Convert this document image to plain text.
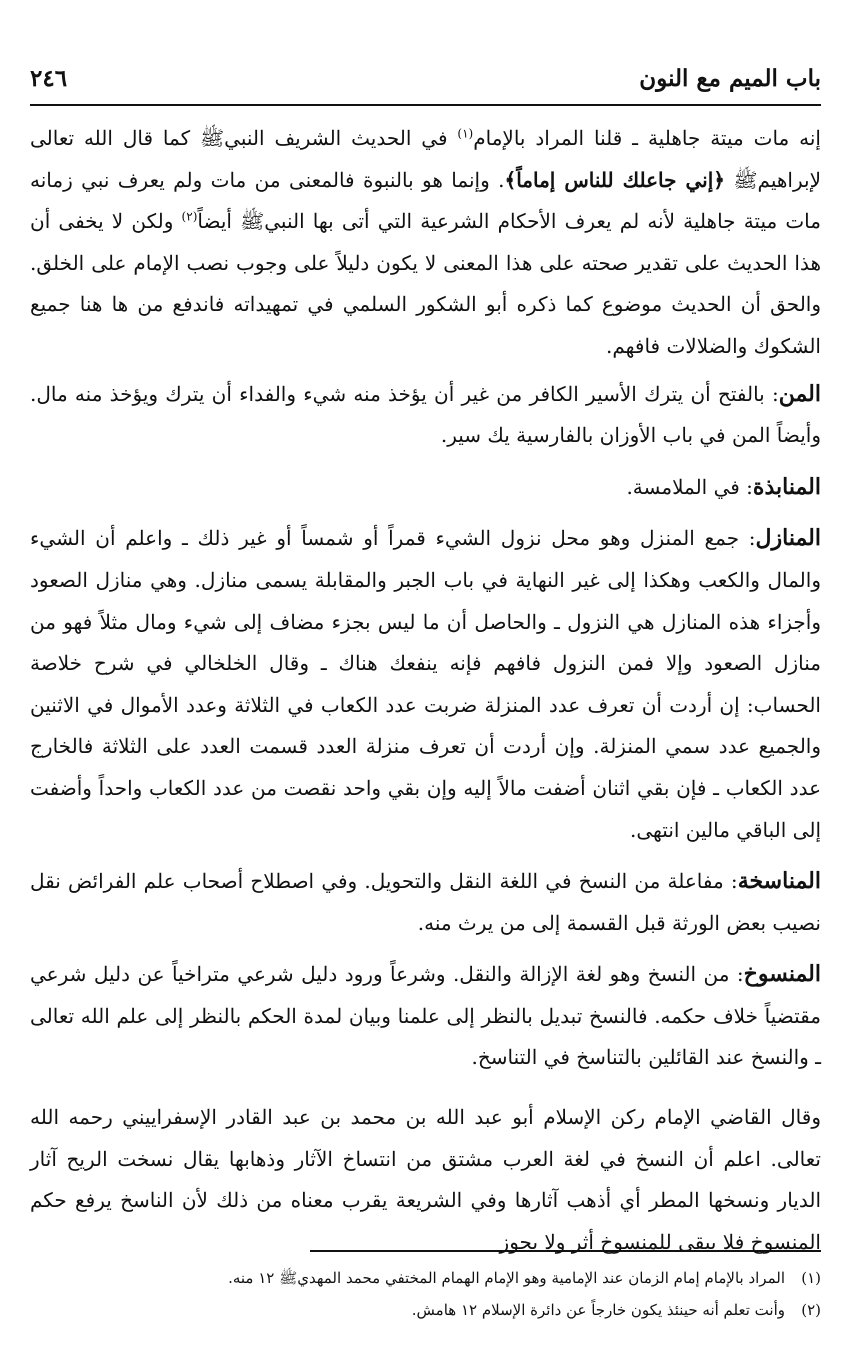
باب الميم مع النون
٢٤٦

إنه مات ميتة جاهلية ـ قلنا المراد بالإمام$^{(١)}$ في الحديث الشريف النبيﷺ كما قال الله تعالى لإبراهيمﷺ ﴿إني جاعلك للناس إماماً﴾. وإنما هو بالنبوة فالمعنى من مات ولم يعرف نبي زمانه مات ميتة جاهلية لأنه لم يعرف الأحكام الشرعية التي أتى بها النبيﷺ أيضاً$^{(٢)}$ ولكن لا يخفى أن هذا الحديث على تقدير صحته على هذا المعنى لا يكون دليلاً على وجوب نصب الإمام على الخلق. والحق أن الحديث موضوع كما ذكره أبو الشكور السلمي في تمهيداته فاندفع من ها هنا جميع الشكوك والضلالات فافهم.

المن: بالفتح أن يترك الأسير الكافر من غير أن يؤخذ منه شيء والفداء أن يترك ويؤخذ منه مال. وأيضاً المن في باب الأوزان بالفارسية يك سير.

المنابذة: في الملامسة.

المنازل: جمع المنزل وهو محل نزول الشيء قمراً أو شمساً أو غير ذلك ـ واعلم أن الشيء والمال والكعب وهكذا إلى غير النهاية في باب الجبر والمقابلة يسمى منازل. وهي منازل الصعود وأجزاء هذه المنازل هي النزول ـ والحاصل أن ما ليس بجزء مضاف إلى شيء ومال مثلاً فهو من منازل الصعود وإلا فمن النزول فافهم فإنه ينفعك هناك ـ وقال الخلخالي في شرح خلاصة الحساب: إن أردت أن تعرف عدد المنزلة ضربت عدد الكعاب في الثلاثة وعدد الأموال في الاثنين والجميع عدد سمي المنزلة. وإن أردت أن تعرف منزلة العدد قسمت العدد على الثلاثة فالخارج عدد الكعاب ـ فإن بقي اثنان أضفت مالاً إليه وإن بقي واحد نقصت من عدد الكعاب واحداً وأضفت إلى الباقي مالين انتهى.

المناسخة: مفاعلة من النسخ في اللغة النقل والتحويل. وفي اصطلاح أصحاب علم الفرائض نقل نصيب بعض الورثة قبل القسمة إلى من يرث منه.

المنسوخ: من النسخ وهو لغة الإزالة والنقل. وشرعاً ورود دليل شرعي متراخياً عن دليل شرعي مقتضياً خلاف حكمه. فالنسخ تبديل بالنظر إلى علمنا وبيان لمدة الحكم بالنظر إلى علم الله تعالى ـ والنسخ عند القائلين بالتناسخ في التناسخ.

وقال القاضي الإمام ركن الإسلام أبو عبد الله بن محمد بن عبد القادر الإسفراييني رحمه الله تعالى. اعلم أن النسخ في لغة العرب مشتق من انتساخ الآثار وذهابها يقال نسخت الريح آثار الديار ونسخها المطر أي أذهب آثارها وفي الشريعة يقرب معناه من ذلك لأن الناسخ يرفع حكم المنسوخ فلا يبقى للمنسوخ أثر ولا يجوز

(١)
المراد بالإمام إمام الزمان عند الإمامية وهو الإمام الهمام المختفي محمد المهديﷺ ١٢ منه.
(٢)
وأنت تعلم أنه حينئذ يكون خارجاً عن دائرة الإسلام ١٢ هامش.
